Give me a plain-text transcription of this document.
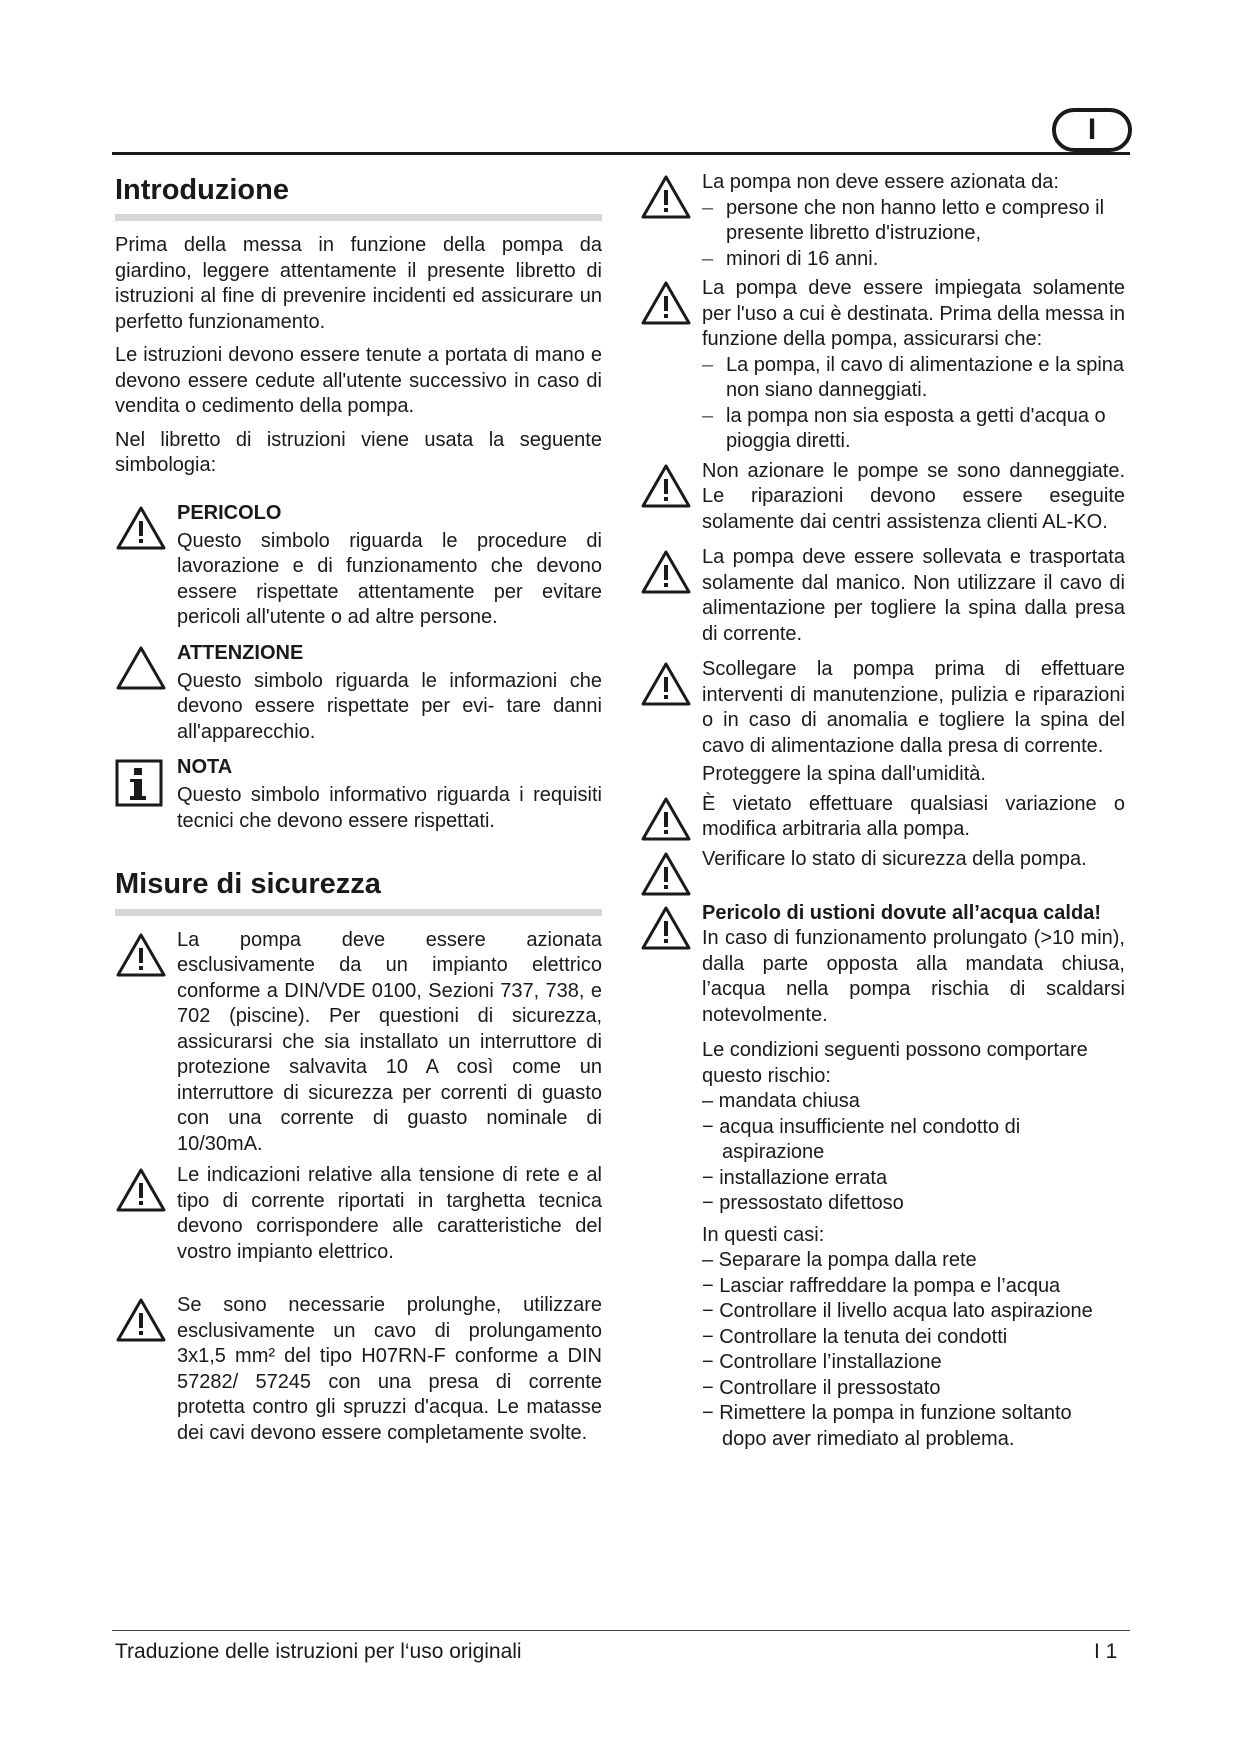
I
Introduzione

Prima della messa in funzione della pompa da giardino, leggere attentamente il presente libretto di istruzioni al fine di prevenire incidenti ed assicurare un perfetto funzionamento.

Le istruzioni devono essere tenute a portata di mano e devono essere cedute all'utente successivo in caso di vendita o cedimento della pompa.

Nel libretto di istruzioni viene usata la seguente simbologia:

PERICOLO

Questo simbolo riguarda le procedure di lavorazione e di funzionamento che devono essere rispettate attentamente per evitare pericoli all'utente o ad altre persone.

ATTENZIONE

Questo simbolo riguarda le informazioni che devono essere rispettate per evi- tare danni all'apparecchio.

NOTA

Questo simbolo informativo riguarda i requisiti tecnici che devono essere rispettati.

Misure di sicurezza

La pompa deve essere azionata esclusivamente da un impianto elettrico conforme a DIN/VDE 0100, Sezioni 737, 738, e 702 (piscine). Per questioni di sicurezza, assicurarsi che sia installato un interruttore di protezione salvavita 10 A così come un interruttore di sicurezza per correnti di guasto con una corrente di guasto nominale di 10/30mA.

Le indicazioni relative alla tensione di rete e al tipo di corrente riportati in targhetta tecnica devono corrispondere alle caratteristiche del vostro impianto elettrico.

Se sono necessarie prolunghe, utilizzare esclusivamente un cavo di prolungamento 3x1,5 mm² del tipo H07RN-F conforme a DIN 57282/ 57245 con una presa di corrente protetta contro gli spruzzi d'acqua. Le matasse dei cavi devono essere completamente svolte.

La pompa non deve essere azionata da:

– persone che non hanno letto e compreso il presente libretto d'istruzione,
– minori di 16 anni.

La pompa deve essere impiegata solamente per l'uso a cui è destinata. Prima della messa in funzione della pompa, assicurarsi che:

– La pompa, il cavo di alimentazione e la spina non siano danneggiati.
– la pompa non sia esposta a getti d'acqua o pioggia diretti.

Non azionare le pompe se sono danneggiate. Le riparazioni devono essere eseguite solamente dai centri assistenza clienti AL-KO.

La pompa deve essere sollevata e trasportata solamente dal manico. Non utilizzare il cavo di alimentazione per togliere la spina dalla presa di corrente.

Scollegare la pompa prima di effettuare interventi di manutenzione, pulizia e riparazioni o in caso di anomalia e togliere la spina del cavo di alimentazione dalla presa di corrente.

Proteggere la spina dall'umidità.

È vietato effettuare qualsiasi variazione o modifica arbitraria alla pompa.

Verificare lo stato di sicurezza della pompa.

Pericolo di ustioni dovute all’acqua calda!

In caso di funzionamento prolungato (>10 min), dalla parte opposta alla mandata chiusa, l’acqua nella pompa rischia di scaldarsi notevolmente.

Le condizioni seguenti possono comportare questo rischio:

– mandata chiusa
− acqua insufficiente nel condotto di aspirazione
− installazione errata
− pressostato difettoso

In questi casi:

– Separare la pompa dalla rete
− Lasciar raffreddare la pompa e l’acqua
− Controllare il livello acqua lato aspirazione
− Controllare la tenuta dei condotti
− Controllare l’installazione
− Controllare il pressostato
− Rimettere la pompa in funzione soltanto dopo aver rimediato al problema.
Traduzione delle istruzioni per l‘uso originali	I 1
